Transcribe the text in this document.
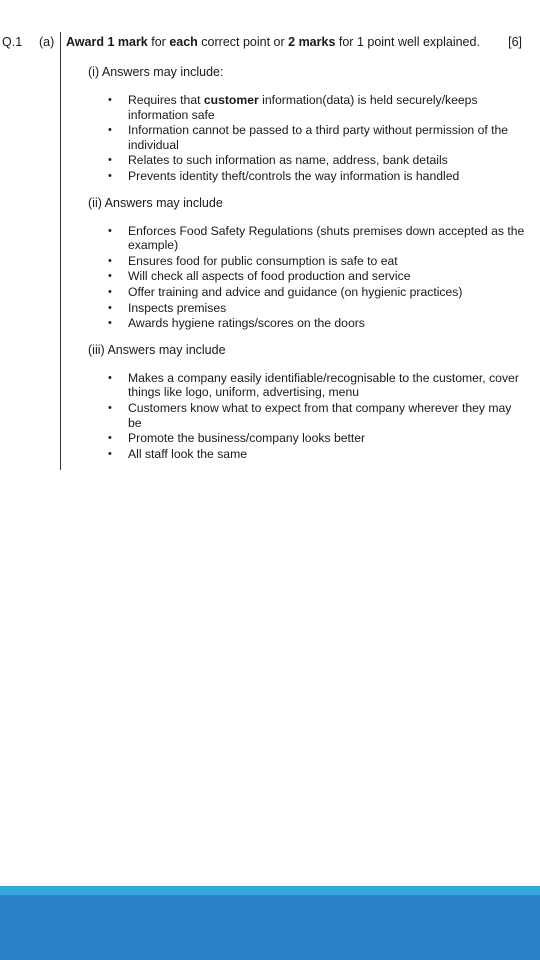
Q.1 (a) Award 1 mark for each correct point or 2 marks for 1 point well explained. [6]
(i) Answers may include:
• Requires that customer information(data) is held securely/keeps information safe
• Information cannot be passed to a third party without permission of the individual
• Relates to such information as name, address, bank details
• Prevents identity theft/controls the way information is handled
(ii) Answers may include
• Enforces Food Safety Regulations (shuts premises down accepted as the example)
• Ensures food for public consumption is safe to eat
• Will check all aspects of food production and service
• Offer training and advice and guidance (on hygienic practices)
• Inspects premises
• Awards hygiene ratings/scores on the doors
(iii) Answers may include
• Makes a company easily identifiable/recognisable to the customer, cover things like logo, uniform, advertising, menu
• Customers know what to expect from that company wherever they may be
• Promote the business/company looks better
• All staff look the same
